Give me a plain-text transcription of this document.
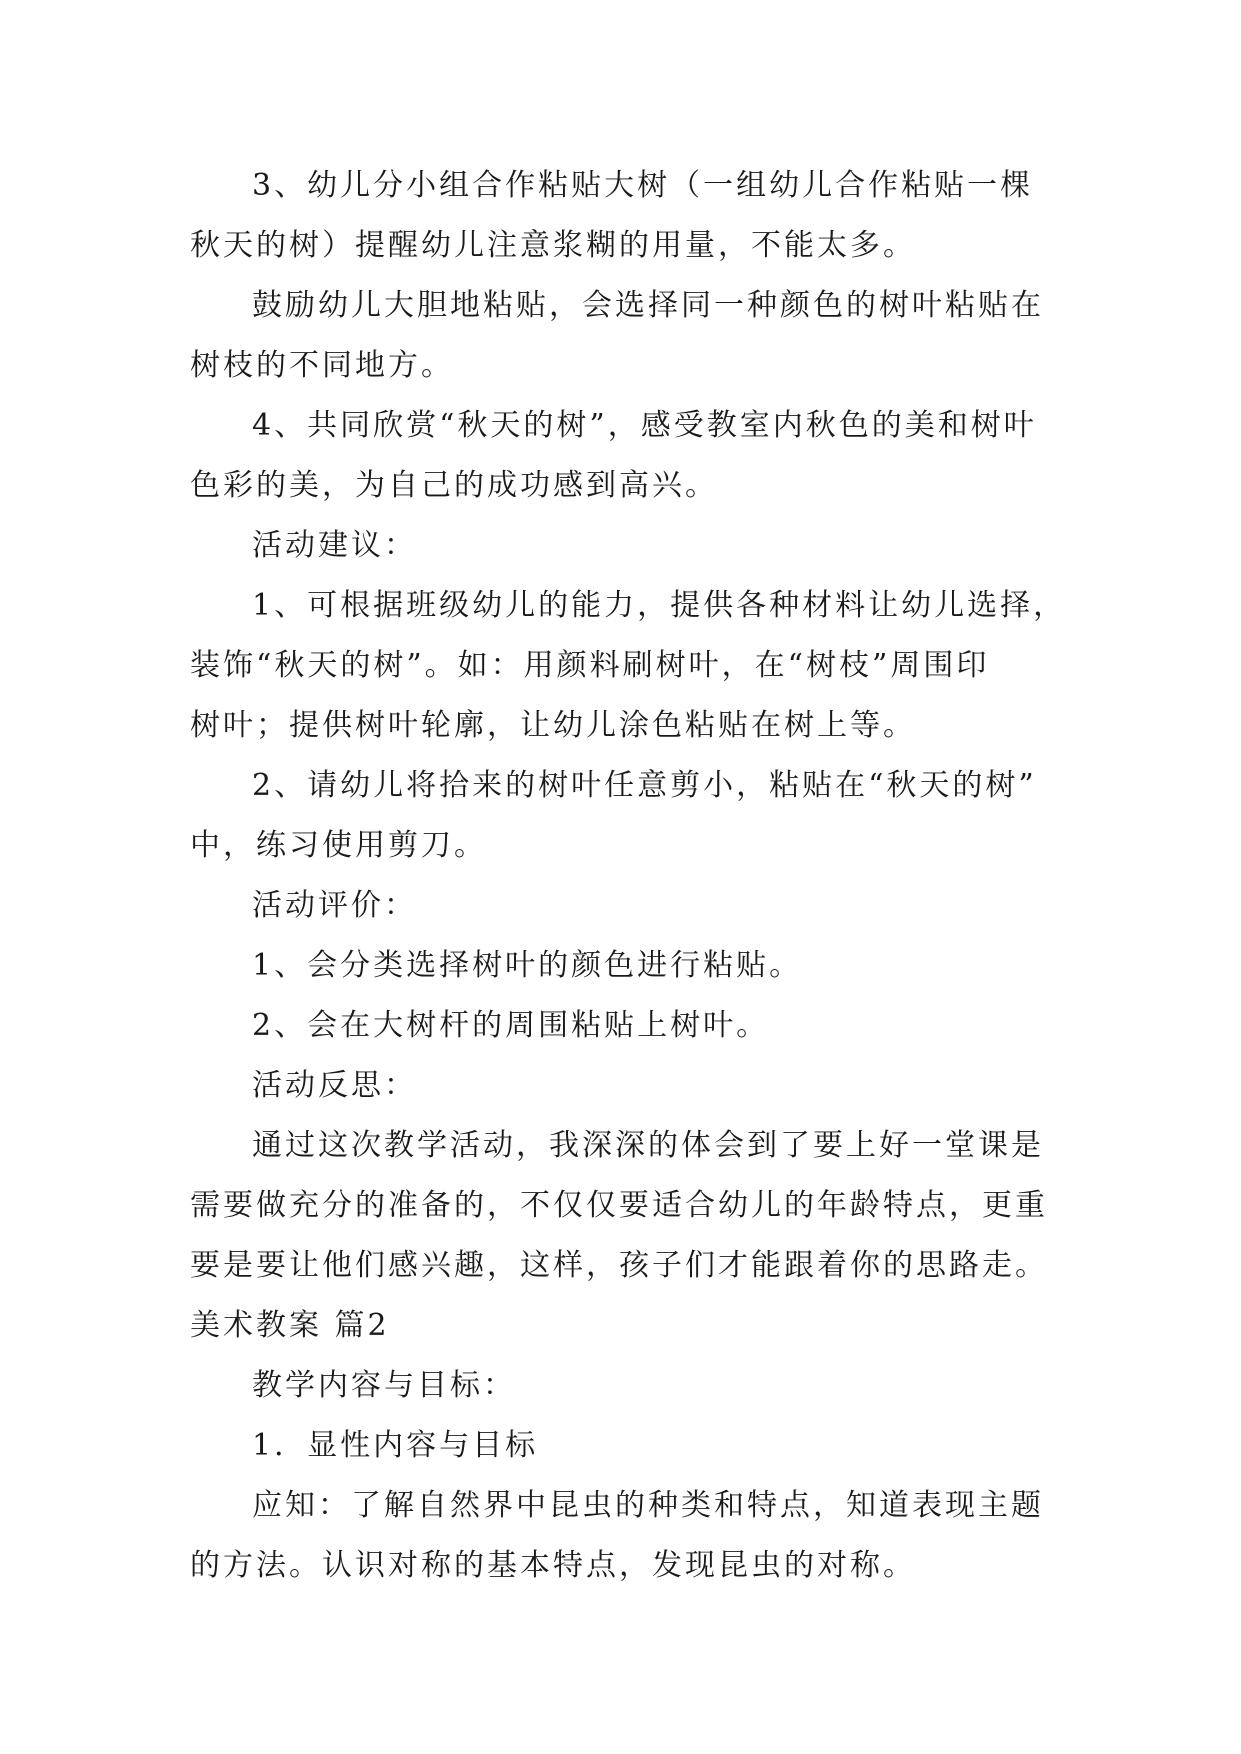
3、幼儿分小组合作粘贴大树（一组幼儿合作粘贴一棵
秋天的树）提醒幼儿注意浆糊的用量，不能太多。
鼓励幼儿大胆地粘贴，会选择同一种颜色的树叶粘贴在
树枝的不同地方。
4、共同欣赏“秋天的树”，感受教室内秋色的美和树叶
色彩的美，为自己的成功感到高兴。
活动建议：
1、可根据班级幼儿的能力，提供各种材料让幼儿选择，
装饰“秋天的树”。如：用颜料刷树叶，在“树枝”周围印
树叶；提供树叶轮廓，让幼儿涂色粘贴在树上等。
2、请幼儿将拾来的树叶任意剪小，粘贴在“秋天的树”
中，练习使用剪刀。
活动评价：
1、会分类选择树叶的颜色进行粘贴。
2、会在大树杆的周围粘贴上树叶。
活动反思：
通过这次教学活动，我深深的体会到了要上好一堂课是
需要做充分的准备的，不仅仅要适合幼儿的年龄特点，更重
要是要让他们感兴趣，这样，孩子们才能跟着你的思路走。
美术教案 篇2
教学内容与目标：
1．显性内容与目标
应知：了解自然界中昆虫的种类和特点，知道表现主题
的方法。认识对称的基本特点，发现昆虫的对称。
